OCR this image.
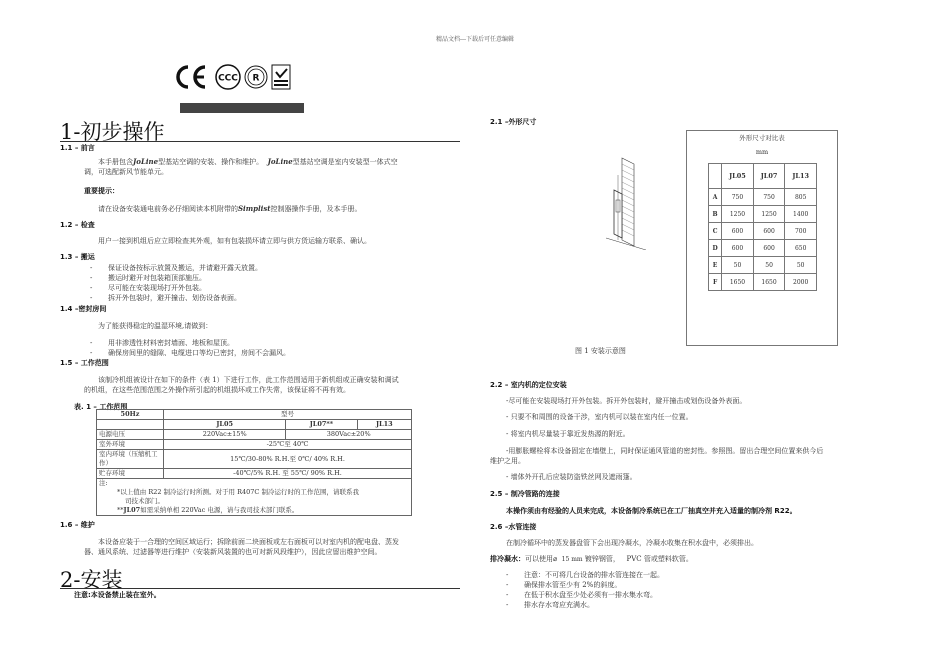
精品文档---下载后可任意编辑
CCC R
1-初步操作
1.1 – 前言
本手册包含JoLine型基站空调的安装、操作和维护。 JoLine型基站空调是室内安装型一体式空
调，可选配新风节能单元。
重要提示：
请在设备安装通电前务必仔细阅读本机附带的Simplist控制器操作手册，及本手册。
1.2 – 检查
用户一接到机组后应立即检查其外观，如有包装损坏请立即与供方货运输方联系、确认。
1.3 – 搬运
- 保证设备按标示放置及搬运，并请避开露天放置。
- 搬运时避开对包装箱顶部施压。
- 尽可能在安装现场打开外包装。
- 拆开外包装时，避开撞击、划伤设备表面。
1.4 –密封房间
为了能获得稳定的温湿环境,请做到：
- 用非渗透性材料密封墙面、地板和屋顶。
- 确保房间里的缝隙、电缆进口等均已密封，房间不会漏风。
1.5 – 工作范围
该制冷机组被设计在如下的条件（表 1）下进行工作，此工作范围适用于新机组或正确安装和调试
的机组，在这些范围范围之外操作所引起的机组损坏或工作失常，该保证将不再有效。
表. 1 – 工作范围
50Hz	型号		
	JL05	JL07**	JL13
电源电压	220Vac±15%	380Vac±20%	
室外环境	-25℃至 40℃		
室内环境（压缩机工作）	15℃/30-80% R.H.至 0℃/ 40% R.H.		
贮存环境	-40℃/5% R.H. 至 55℃/ 90% R.H.		

注:
*以上值由 R22 制冷运行时所测。对于用 R407C 制冷运行时的工作范围，请联系我
司技术部门。
**JL07如需采纳单相 220Vac 电源，请与我司技术部门联系。			
1.6 – 维护
本设备应装于一合理的空间区域运行；拆除前面二块面板或左右面板可以对室内机的配电盘、蒸发
器、通风系统、过滤器等进行维护（安装新风装置的也可对新风段维护），因此应留出维护空间。
2-安装
注意:本设备禁止装在室外。
2.1 –外形尺寸
外形尺寸对比表
mm
	JL05	JL07	JL13
A	750	750	805
B	1250	1250	1400
C	600	600	700
D	600	600	650
E	50	50	50
F	1650	1650	2000
图 1 安装示意图
2.2 – 室内机的定位安装
-尽可能在安装现场打开外包装。拆开外包装时，避开撞击或划伤设备外表面。
- 只要不和周围的设备干涉，室内机可以装在室内任一位置。
- 将室内机尽量装于靠近发热源的附近。
-用膨胀螺栓将本设备固定在墙壁上，同时保证通风管道的密封性。参照图。留出合理空间位置来供今后
维护之用。
- 墙体外开孔后应装防盗铁丝网及遮雨篷。
2.5 – 制冷管路的连接
本操作须由有经验的人员来完成，本设备制冷系统已在工厂抽真空并充入适量的制冷剂 R22。
2.6 –水管连接
在制冷循环中的蒸发器盘管下会出现冷凝水，冷凝水收集在积水盘中，必须排出。
排冷凝水：可以使用⌀ 15 mm 镀锌钢管， PVC 管或塑料软管。
- 注意：不可将几台设备的排水管连接在一起。
- 确保排水管至少有 2%的斜度。
- 在低于积水盘至少处必须有一排水集水弯。
- 排水存水弯应充满水。
